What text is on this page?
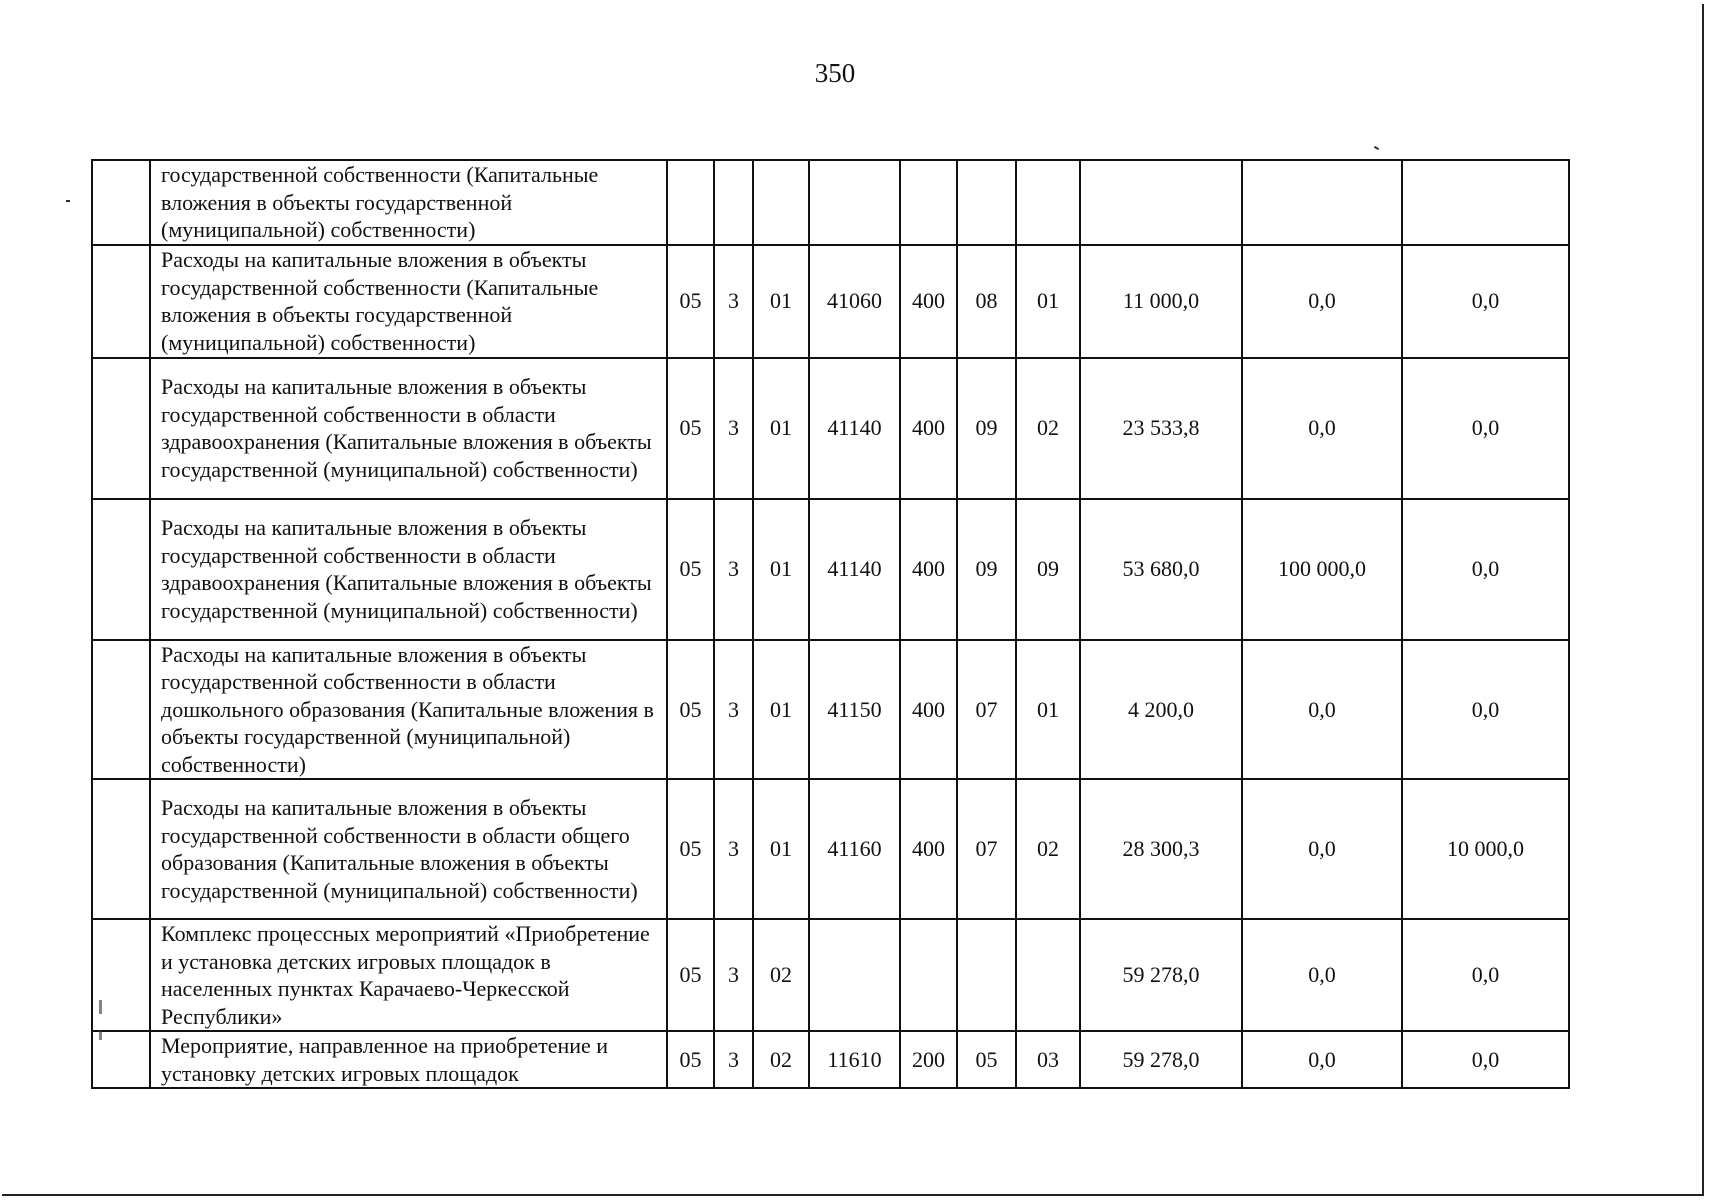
350
	государственной собственности (Капитальные вложения в объекты государственной (муниципальной) собственности)										
	Расходы на капитальные вложения в объекты государственной собственности (Капитальные вложения в объекты государственной (муниципальной) собственности)	05	3	01	41060	400	08	01	11 000,0	0,0	0,0
	Расходы на капитальные вложения в объекты государственной собственности в области здравоохранения (Капитальные вложения в объекты государственной (муниципальной) собственности)	05	3	01	41140	400	09	02	23 533,8	0,0	0,0
	Расходы на капитальные вложения в объекты государственной собственности в области здравоохранения (Капитальные вложения в объекты государственной (муниципальной) собственности)	05	3	01	41140	400	09	09	53 680,0	100 000,0	0,0
	Расходы на капитальные вложения в объекты государственной собственности в области дошкольного образования (Капитальные вложения в объекты государственной (муниципальной) собственности)	05	3	01	41150	400	07	01	4 200,0	0,0	0,0
	Расходы на капитальные вложения в объекты государственной собственности в области общего образования (Капитальные вложения в объекты государственной (муниципальной) собственности)	05	3	01	41160	400	07	02	28 300,3	0,0	10 000,0
	Комплекс процессных мероприятий «Приобретение и установка детских игровых площадок в населенных пунктах Карачаево-Черкесской Республики»	05	3	02					59 278,0	0,0	0,0
	Мероприятие, направленное на приобретение и установку детских игровых площадок	05	3	02	11610	200	05	03	59 278,0	0,0	0,0
